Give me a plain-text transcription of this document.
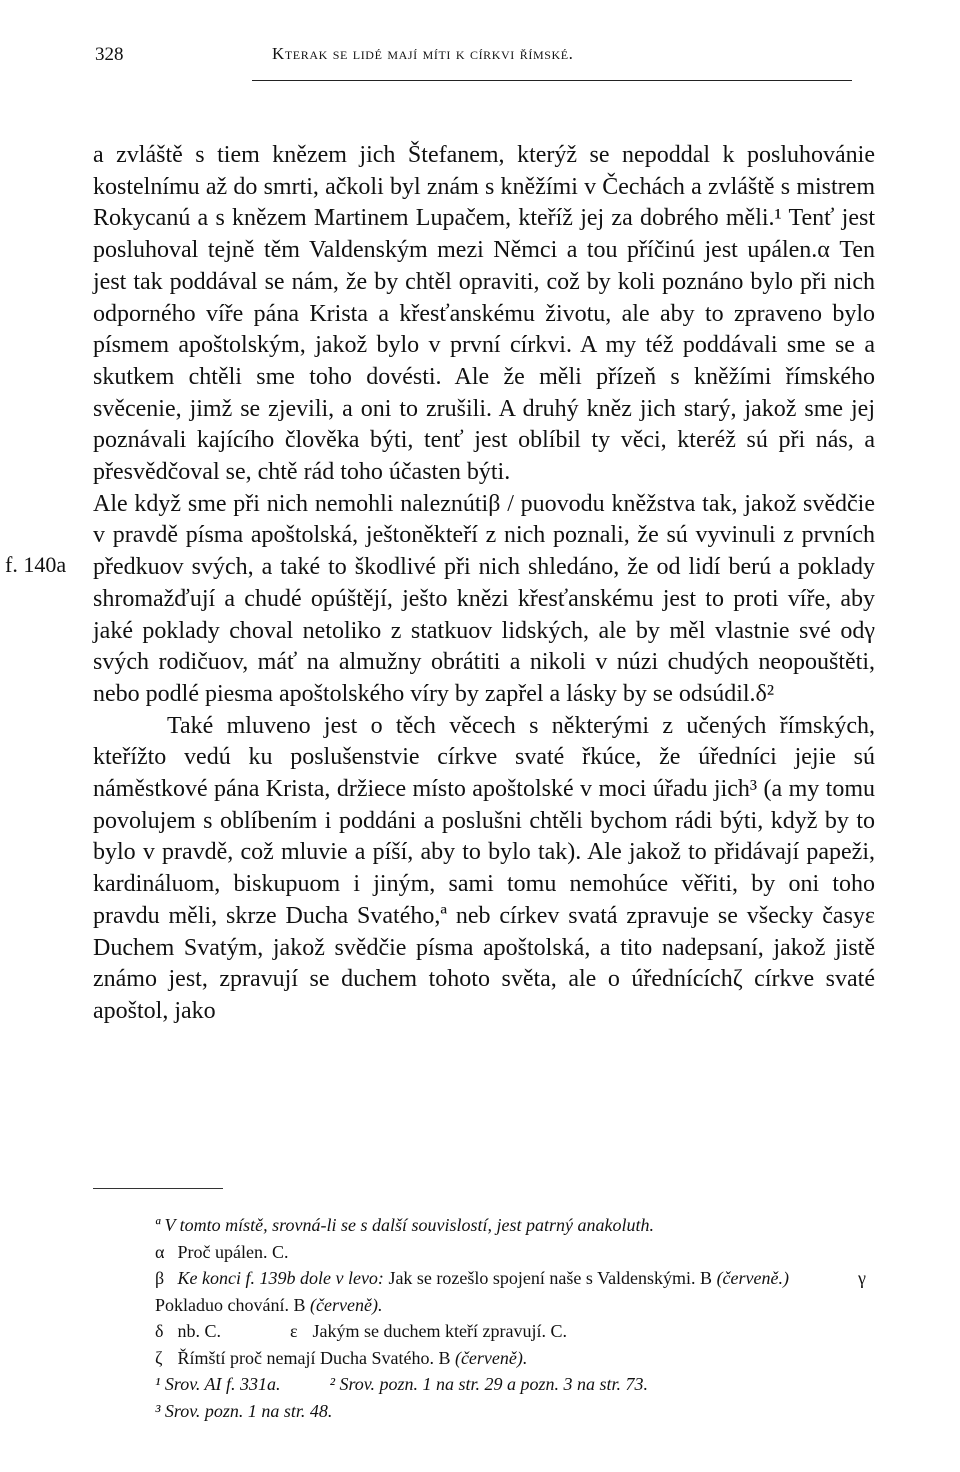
328	Kterak se lidé mají míti k církvi římské.

a zvláště s tiem knězem jich Štefanem, kterýž se nepoddal k posluhovánie kostelnímu až do smrti, ačkoli byl znám s kněžími v Čechách a zvláště s mistrem Rokycanú a s knězem Martinem Lupačem, kteříž jej za dobrého měli.¹ Tenť jest posluhoval tejně těm Valdenským mezi Němci a tou příčinú jest upálen.α Ten jest tak poddával se nám, že by chtěl opraviti, což by koli poznáno bylo při nich odporného víře pána Krista a křesťanskému životu, ale aby to zpraveno bylo písmem apoštolským, jakož bylo v první církvi. A my též poddávali sme se a skutkem chtěli sme toho dovésti. Ale že měli přízeň s kněžími římského svěcenie, jimž se zjevili, a oni to zrušili. A druhý kněz jich starý, jakož sme jej poznávali kajícího člověka býti, tenť jest oblíbil ty věci, kteréž sú při nás, a přesvědčoval se, chtě rád toho účasten býti.

f. 140a

Ale když sme při nich nemohli naleznútiβ / puovodu kněžstva tak, jakož svědčie v pravdě písma apoštolská, ještoněkteří z nich poznali, že sú vyvinuli z prvních předkuov svých, a také to škodlivé při nich shledáno, že od lidí berú a poklady shromažďují a chudé opúštějí, ješto knězi křesťanskému jest to proti víře, aby jaké poklady choval netoliko z statkuov lidských, ale by měl vlastnie své odγ svých rodičuov, máť na almužny obrátiti a nikoli v núzi chudých neopouštěti, nebo podlé piesma apoštolského víry by zapřel a lásky by se odsúdil.δ²

Také mluveno jest o těch věcech s některými z učených římských, kteřížto vedú ku poslušenstvie církve svaté řkúce, že úředníci jejie sú náměstkové pána Krista, držiece místo apoštolské v moci úřadu jich³ (a my tomu povolujem s oblíbením i poddáni a poslušni chtěli bychom rádi býti, když by to bylo v pravdě, což mluvie a píší, aby to bylo tak). Ale jakož to přidávají papeži, kardináluom, biskupuom i jiným, sami tomu nemohúce věřiti, by oni toho pravdu měli, skrze Ducha Svatého,ª neb církev svatá zpravuje se všecky časyε Duchem Svatým, jakož svědčie písma apoštolská, a tito nadepsaní, jakož jistě známo jest, zpravují se duchem tohoto světa, ale o úřednícíchζ církve svaté apoštol, jako

ª V tomto místě, srovná-li se s další souvislostí, jest patrný anakoluth.
α Proč upálen. C.
β Ke konci f. 139b dole v levo: Jak se rozešlo spojení naše s Valdenskými. B (červeně.)	γ Pokladuo chování. B (červeně).
δ nb. C.	ε Jakým se duchem kteří zpravují. C.
ζ Římští proč nemají Ducha Svatého. B (červeně).
¹ Srov. AI f. 331a.	² Srov. pozn. 1 na str. 29 a pozn. 3 na str. 73.
³ Srov. pozn. 1 na str. 48.
